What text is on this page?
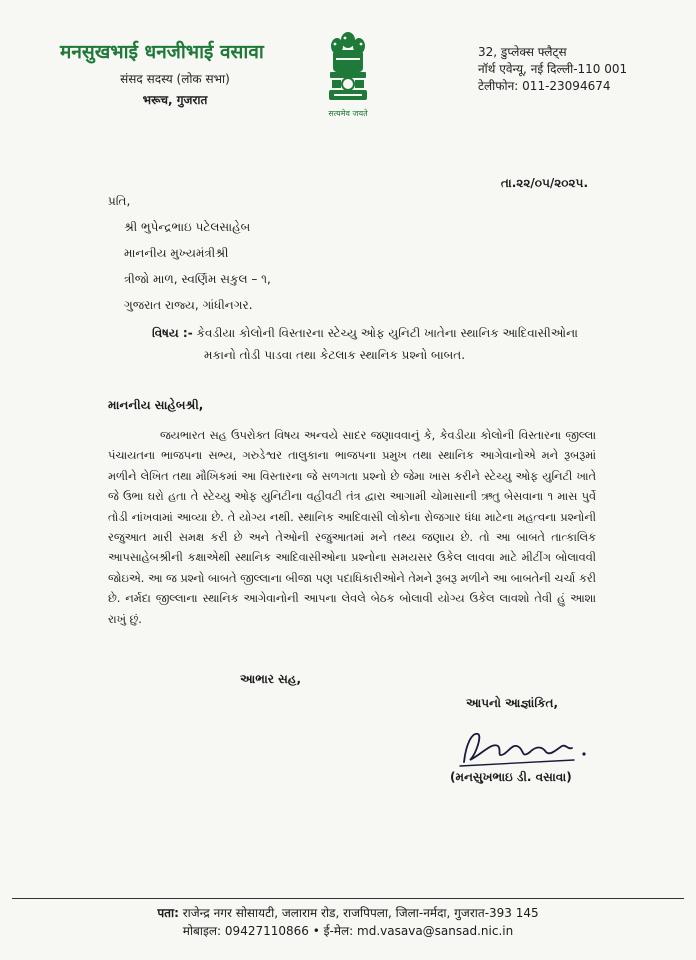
मनसुखभाई धनजीभाई वसावा
संसद सदस्य (लोक सभा)
भरूच, गुजरात
सत्यमेव जयते
32, डुप्लेक्स फ्लैट्स
नॉर्थ एवेन्यू, नई दिल्ली-110 001
टेलीफोन: 011-23094674
તા.૨૨/૦૫/૨૦૨૫.
પ્રતિ,
શ્રી ભુપેન્દ્રભાઇ પટેલસાહેબ
માનનીય મુખ્યમંત્રીશ્રી
ત્રીજો માળ, સ્વર્ણિમ સકુલ – ૧,
ગુજરાત રાજ્ય, ગાંધીનગર.
વિષય :- કેવડીયા કોલોની વિસ્તારના સ્ટેચ્યુ ઓફ યુનિટી ખાતેના સ્થાનિક આદિવાસીઓના
મકાનો તોડી પાડવા તથા કેટલાક સ્થાનિક પ્રશ્નો બાબત.
માનનીય સાહેબશ્રી,

જયભારત સહ ઉપરોક્ત વિષય અન્વયે સાદર જણાવવાનું કે, કેવડીયા કોલોની વિસ્તારના જીલ્લા પંચાયતના ભાજપના સભ્ય, ગરુડેશ્વર તાલુકાના ભાજપના પ્રમુખ તથા સ્થાનિક આગેવાનોએ મને રૂબરૂમાં મળીને લેખિત તથા મૌખિકમાં આ વિસ્તારના જે સળગતા પ્રશ્નો છે જેમા ખાસ કરીને સ્ટેચ્યુ ઓફ યુનિટી ખાતે જે ઉભા ઘરો હતા તે સ્ટેચ્યુ ઓફ યુનિટીના વહીવટી તંત્ર દ્વારા આગામી ચોમાસાની ઋતુ બેસવાના ૧ માસ પુર્વે તોડી નાંખવામાં આવ્યા છે. તે યોગ્ય નથી. સ્થાનિક આદિવાસી લોકોના રોજગાર ધંધા માટેના મહત્વના પ્રશ્નોની રજુઆત મારી સમક્ષ કરી છે અને તેઓની રજુઆતમાં મને તથ્ય જણાય છે. તો આ બાબતે તાત્કાલિક આપસાહેબશ્રીની કક્ષાએથી સ્થાનિક આદિવાસીઓના પ્રશ્નોના સમયસર ઉકેલ લાવવા માટે મીટીંગ બોલાવવી જોઇએ. આ જ પ્રશ્નો બાબતે જીલ્લાના બીજા પણ પદાધિકારીઓને તેમને રૂબરૂ મળીને આ બાબતેની ચર્ચા કરી છે. નર્મદા જીલ્લાના સ્થાનિક આગેવાનોની આપના લેવલે બેઠક બોલાવી યોગ્ય ઉકેલ લાવશો તેવી હું આશા રાખું છું.

આભાર સહ,
આપનો આજ્ઞાંકિત,
(મનસુખભાઇ ડી. વસાવા)
पता: राजेन्द्र नगर सोसायटी, जलाराम रोड, राजपिपला, जिला-नर्मदा, गुजरात-393 145
मोबाइल: 09427110866 • ई-मेल: md.vasava@sansad.nic.in
